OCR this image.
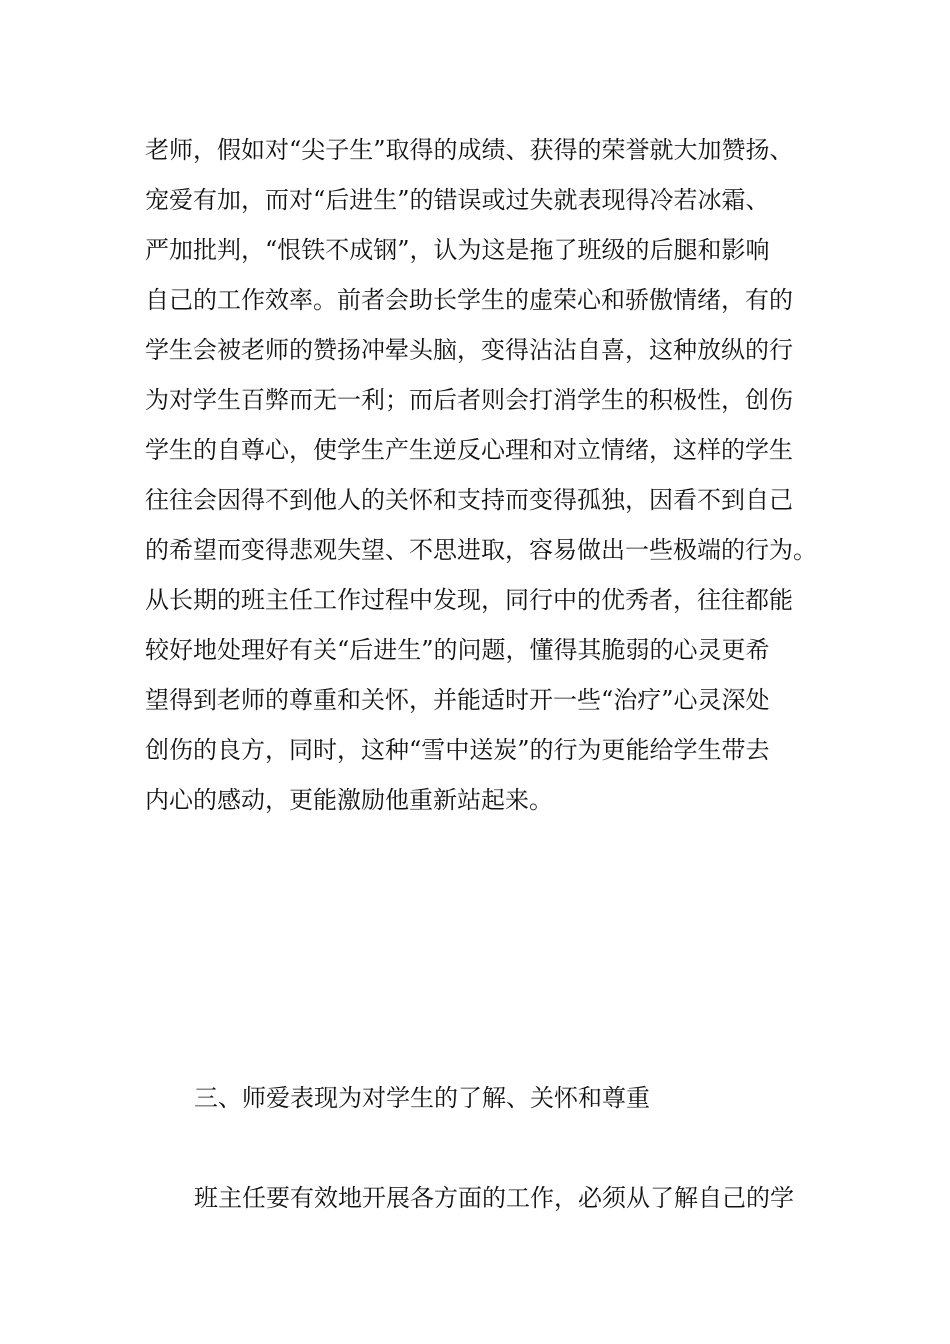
老师，假如对“尖子生”取得的成绩、获得的荣誉就大加赞扬、

宠爱有加，而对“后进生”的错误或过失就表现得冷若冰霜、

严加批判，“恨铁不成钢”，认为这是拖了班级的后腿和影响

自己的工作效率。前者会助长学生的虚荣心和骄傲情绪，有的

学生会被老师的赞扬冲晕头脑，变得沾沾自喜，这种放纵的行

为对学生百弊而无一利；而后者则会打消学生的积极性，创伤

学生的自尊心，使学生产生逆反心理和对立情绪，这样的学生

往往会因得不到他人的关怀和支持而变得孤独，因看不到自己

的希望而变得悲观失望、不思进取，容易做出一些极端的行为。

从长期的班主任工作过程中发现，同行中的优秀者，往往都能

较好地处理好有关“后进生”的问题，懂得其脆弱的心灵更希

望得到老师的尊重和关怀，并能适时开一些“治疗”心灵深处

创伤的良方，同时，这种“雪中送炭”的行为更能给学生带去

内心的感动，更能激励他重新站起来。

三、师爱表现为对学生的了解、关怀和尊重

班主任要有效地开展各方面的工作，必须从了解自己的学
